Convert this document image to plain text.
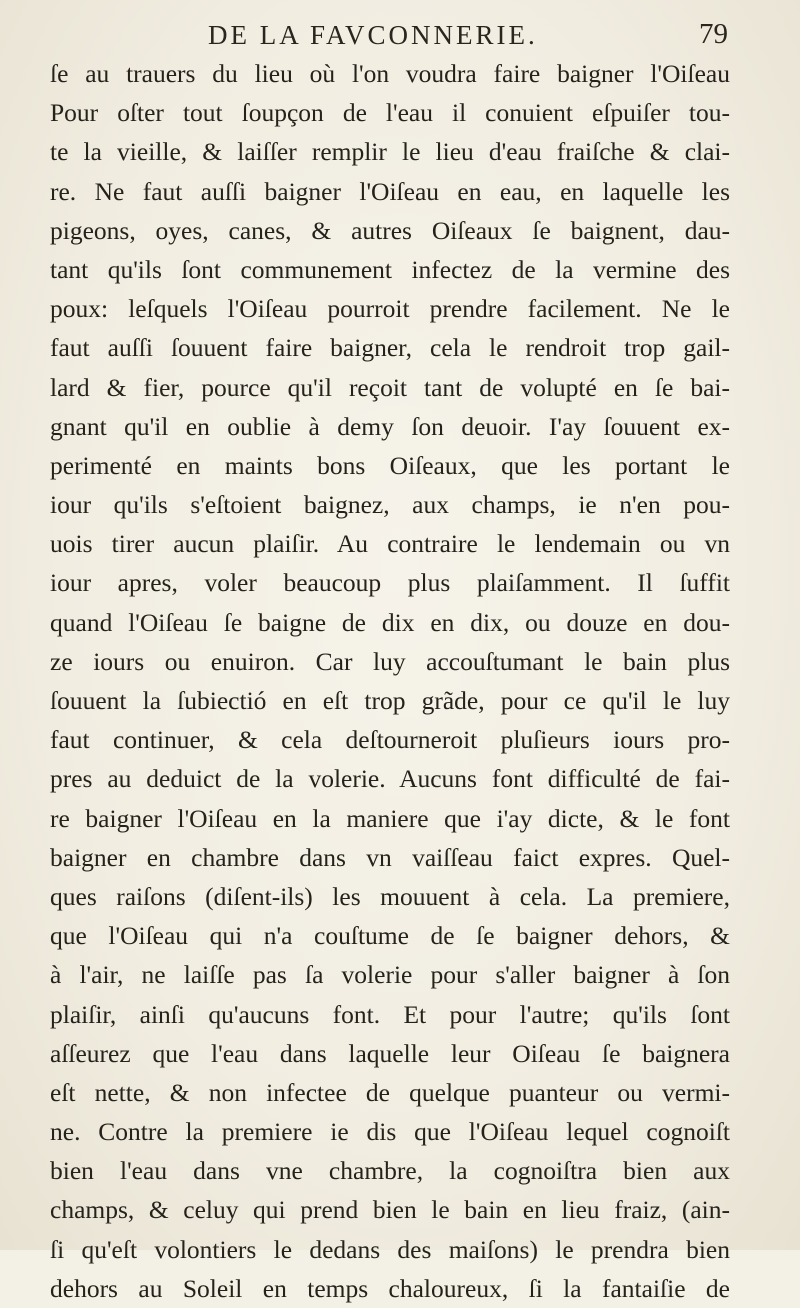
DE LA FAVCONNERIE.	79
ſe au trauers du lieu où l'on voudra faire baigner l'Oiſeau
Pour oſter tout ſoupçon de l'eau il conuient eſpuiſer tou-
te la vieille, & laiſſer remplir le lieu d'eau fraiſche & clai-
re. Ne faut auſſi baigner l'Oiſeau en eau, en laquelle les
pigeons, oyes, canes, & autres Oiſeaux ſe baignent, dau-
tant qu'ils ſont communement infectez de la vermine des
poux: leſquels l'Oiſeau pourroit prendre facilement. Ne le
faut auſſi ſouuent faire baigner, cela le rendroit trop gail-
lard & fier, pource qu'il reçoit tant de volupté en ſe bai-
gnant qu'il en oublie à demy ſon deuoir. I'ay ſouuent ex-
perimenté en maints bons Oiſeaux, que les portant le
iour qu'ils s'eſtoient baignez, aux champs, ie n'en pou-
uois tirer aucun plaiſir. Au contraire le lendemain ou vn
iour apres, voler beaucoup plus plaiſamment. Il ſuffit
quand l'Oiſeau ſe baigne de dix en dix, ou douze en dou-
ze iours ou enuiron. Car luy accouſtumant le bain plus
ſouuent la ſubiectió en eſt trop grãde, pour ce qu'il le luy
faut continuer, & cela deſtourneroit pluſieurs iours pro-
pres au deduict de la volerie. Aucuns font difficulté de fai-
re baigner l'Oiſeau en la maniere que i'ay dicte, & le font
baigner en chambre dans vn vaiſſeau faict expres. Quel-
ques raiſons (diſent-ils) les mouuent à cela. La premiere,
que l'Oiſeau qui n'a couſtume de ſe baigner dehors, &
à l'air, ne laiſſe pas ſa volerie pour s'aller baigner à ſon
plaiſir, ainſi qu'aucuns font. Et pour l'autre; qu'ils ſont
aſſeurez que l'eau dans laquelle leur Oiſeau ſe baignera
eſt nette, & non infectee de quelque puanteur ou vermi-
ne. Contre la premiere ie dis que l'Oiſeau lequel cognoiſt
bien l'eau dans vne chambre, la cognoiſtra bien aux
champs, & celuy qui prend bien le bain en lieu fraiz, (ain-
ſi qu'eſt volontiers le dedans des maiſons) le prendra bien
dehors au Soleil en temps chaloureux, ſi la fantaiſie de
